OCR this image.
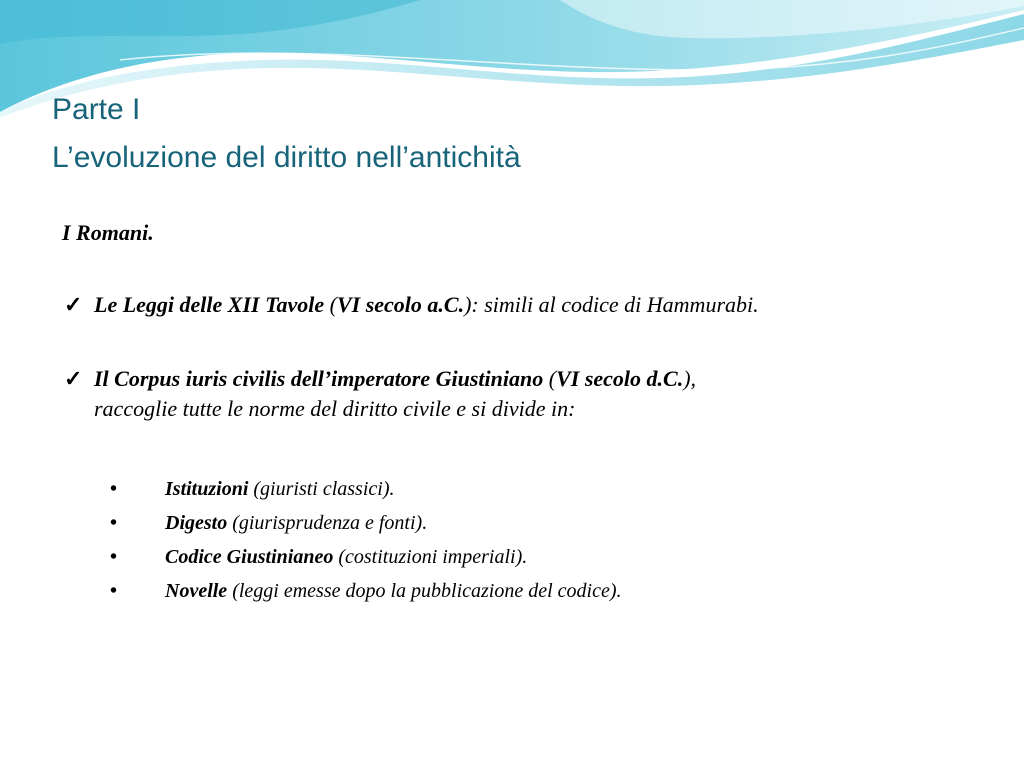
Parte I
L’evoluzione del diritto nell’antichità
I Romani.
✓ Le Leggi delle XII Tavole (VI secolo a.C.): simili al codice di Hammurabi.
✓ Il Corpus iuris civilis dell’imperatore Giustiniano (VI secolo d.C.),
raccoglie tutte le norme del diritto civile e si divide in:
• Istituzioni (giuristi classici).
• Digesto (giurisprudenza e fonti).
• Codice Giustinianeo (costituzioni imperiali).
• Novelle (leggi emesse dopo la pubblicazione del codice).
